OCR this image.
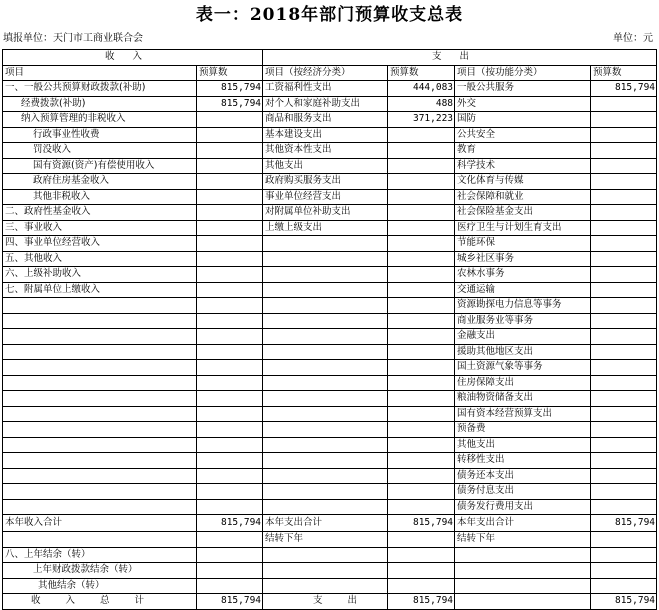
表一：2018年部门预算收支总表
填报单位：天门市工商业联合会	单位：元
收入		支出			
项目	预算数	项目（按经济分类）	预算数	项目（按功能分类）	预算数
一、一般公共预算财政拨款(补助)	815,794	工资福利性支出	444,083	一般公共服务	815,794
经费拨款(补助)	815,794	对个人和家庭补助支出	488	外交	
纳入预算管理的非税收入		商品和服务支出	371,223	国防	
行政事业性收费		基本建设支出		公共安全	
罚没收入		其他资本性支出		教育	
国有资源(资产)有偿使用收入		其他支出		科学技术	
政府住房基金收入		政府购买服务支出		文化体育与传媒	
其他非税收入		事业单位经营支出		社会保障和就业	
二、政府性基金收入		对附属单位补助支出		社会保险基金支出	
三、事业收入		上缴上级支出		医疗卫生与计划生育支出	
四、事业单位经营收入				节能环保	
五、其他收入				城乡社区事务	
六、上级补助收入				农林水事务	
七、附属单位上缴收入				交通运输	
				资源勘探电力信息等事务	
				商业服务业等事务	
				金融支出	
				援助其他地区支出	
				国土资源气象等事务	
				住房保障支出	
				粮油物资储备支出	
				国有资本经营预算支出	
				预备费	
				其他支出	
				转移性支出	
				债务还本支出	
				债务付息支出	
				债务发行费用支出	
本年收入合计	815,794	本年支出合计	815,794	本年支出合计	815,794
		结转下年		结转下年	
八、上年结余（转）					
上年财政拨款结余（转）					
其他结余（转）					
收 入 总 计	815,794	支 出	815,794		815,794
